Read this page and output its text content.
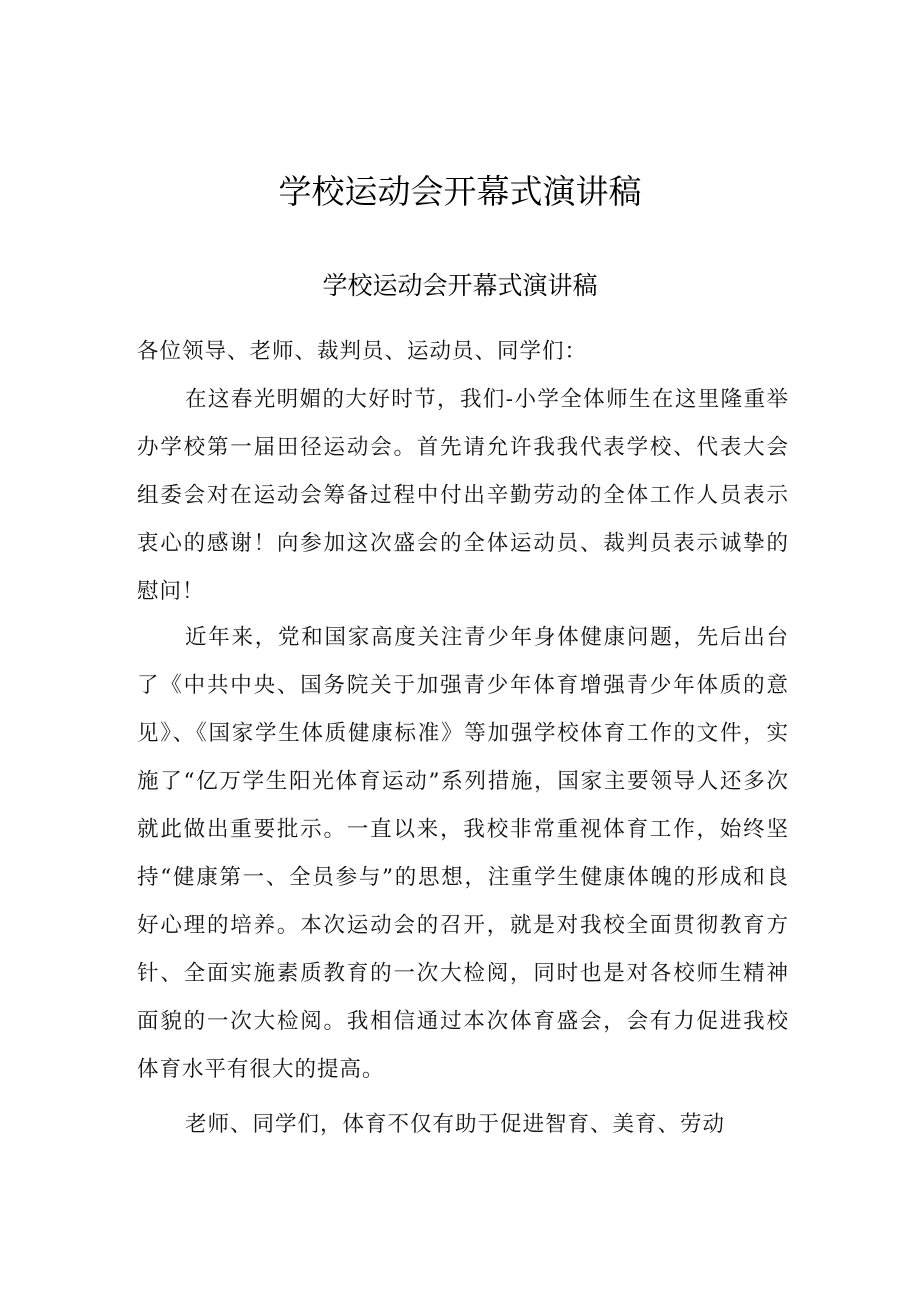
学校运动会开幕式演讲稿
学校运动会开幕式演讲稿

各位领导、老师、裁判员、运动员、同学们：

在这春光明媚的大好时节，我们-小学全体师生在这里隆重举办学校第一届田径运动会。首先请允许我我代表学校、代表大会组委会对在运动会筹备过程中付出辛勤劳动的全体工作人员表示衷心的感谢！向参加这次盛会的全体运动员、裁判员表示诚挚的慰问！

近年来，党和国家高度关注青少年身体健康问题，先后出台了《中共中央、国务院关于加强青少年体育增强青少年体质的意见》、《国家学生体质健康标准》等加强学校体育工作的文件，实施了“亿万学生阳光体育运动”系列措施，国家主要领导人还多次就此做出重要批示。一直以来，我校非常重视体育工作，始终坚持“健康第一、全员参与”的思想，注重学生健康体魄的形成和良好心理的培养。本次运动会的召开，就是对我校全面贯彻教育方针、全面实施素质教育的一次大检阅，同时也是对各校师生精神面貌的一次大检阅。我相信通过本次体育盛会，会有力促进我校体育水平有很大的提高。

老师、同学们，体育不仅有助于促进智育、美育、劳动
